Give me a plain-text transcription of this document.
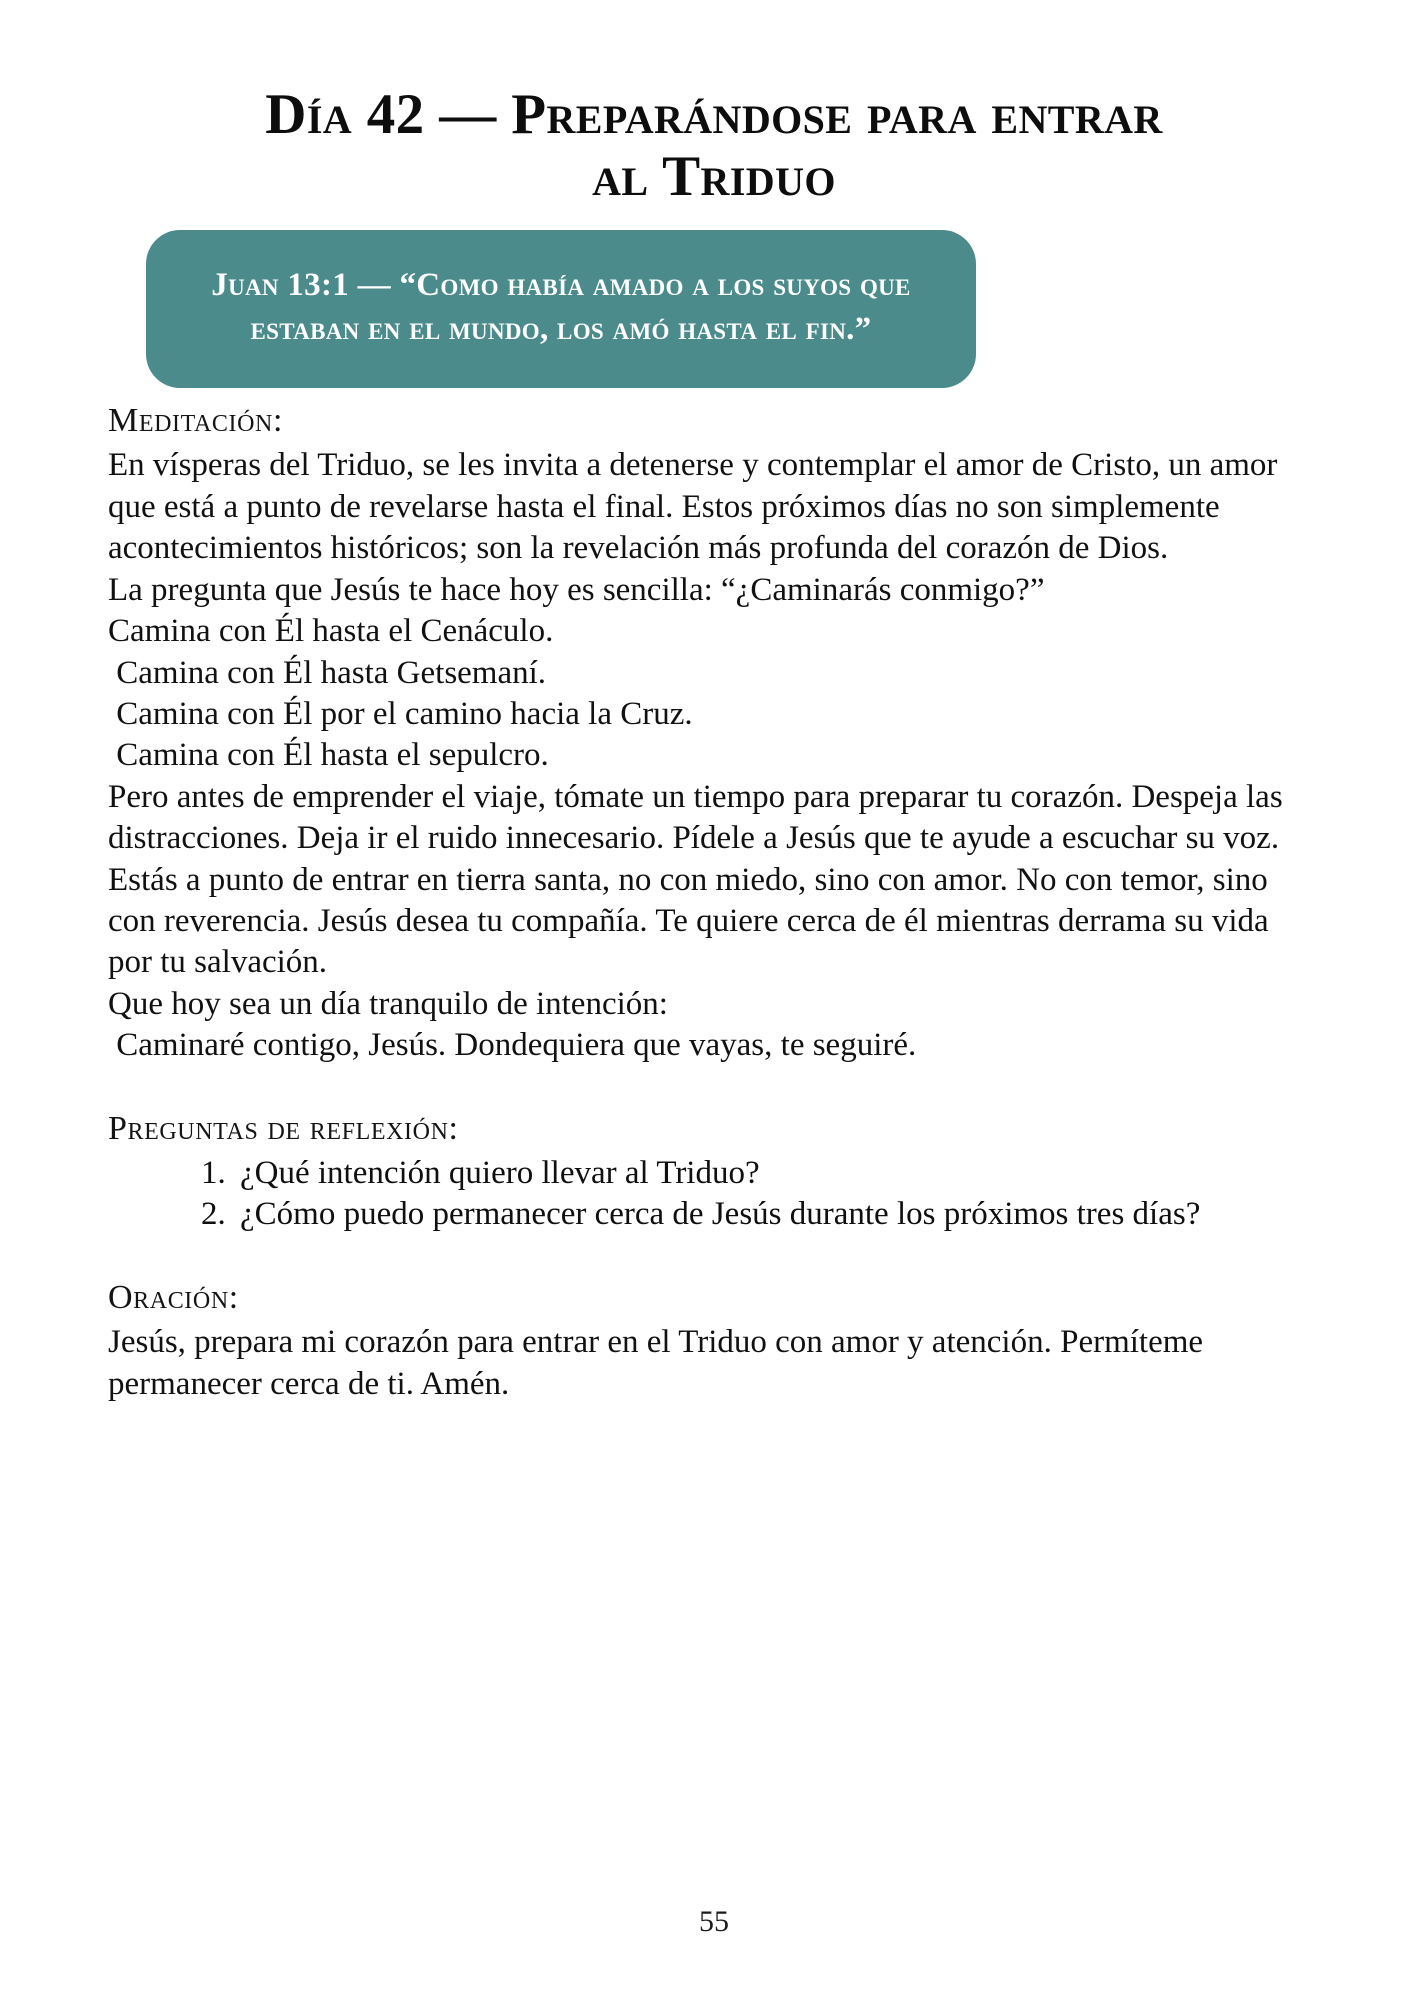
Día 42 — Preparándose para entrar
al Triduo
Juan 13:1 — “Como había amado a los suyos que estaban en el mundo, los amó hasta el fin.”
Meditación:

En vísperas del Triduo, se les invita a detenerse y contemplar el amor de Cristo, un amor que está a punto de revelarse hasta el final. Estos próximos días no son simplemente acontecimientos históricos; son la revelación más profunda del corazón de Dios.

La pregunta que Jesús te hace hoy es sencilla: “¿Caminarás conmigo?”

Camina con Él hasta el Cenáculo.

Camina con Él hasta Getsemaní.

Camina con Él por el camino hacia la Cruz.

Camina con Él hasta el sepulcro.

Pero antes de emprender el viaje, tómate un tiempo para preparar tu corazón. Despeja las distracciones. Deja ir el ruido innecesario. Pídele a Jesús que te ayude a escuchar su voz.

Estás a punto de entrar en tierra santa, no con miedo, sino con amor. No con temor, sino con reverencia. Jesús desea tu compañía. Te quiere cerca de él mientras derrama su vida por tu salvación.

Que hoy sea un día tranquilo de intención:

Caminaré contigo, Jesús. Dondequiera que vayas, te seguiré.

Preguntas de reflexión:
1. ¿Qué intención quiero llevar al Triduo?
2. ¿Cómo puedo permanecer cerca de Jesús durante los próximos tres días?
Oración:

Jesús, prepara mi corazón para entrar en el Triduo con amor y atención. Permíteme permanecer cerca de ti. Amén.

55
